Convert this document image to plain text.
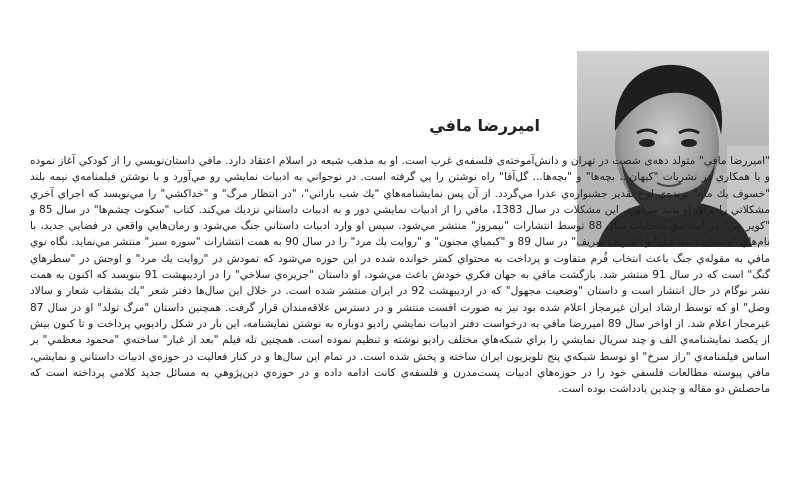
اميررضا مافي

"اميررضا مافي" متولد دهه‌ی شصت در تهران و دانش‌آموخته‌ی فلسفه‌ی غرب است. او به مذهب شیعه در اسلام اعتقاد دارد. مافي داستان‌نويسي را از كودكي آغاز نموده و با همكاري در نشريات "كيهان... بچه‌ها" و "بچه‌ها... گل‌آقا" راه نوشتن را پي گرفته است. در نوجواني به ادبيات نمايشي رو مي‌آورد و با نوشتن فيلمنامه‌ي نيمه بلند "خسوف يك ماه" برنده‌ي لوح تقدير جشنواره‌ي عذرا مي‌گردد. از آن پس نمايشنامه‌هاي "يك شب باراني"، "در انتظار مرگ" و "خداكشي" را مي‌نويسد كه اجراي آخري مشكلاتي را براي او پديد مي‌آورد. اين مشكلات در سال 1383، مافي را از ادبيات نمايشي دور و به ادبيات داستاني نزديك مي‌كند. كتاب "سكوت چشم‌ها" در سال 85 و "كوير من" در آستانه‌ي انتخابات سال 88 توسط انتشارات "نيمروز" منتشر مي‌شود. سپس او وارد ادبيات داستاني جنگ مي‌شود و رمان‌هايي واقعي در فضايي جديد، با نام‌هاي "داستان اسماعيل" و "شريف شريف" در سال 89 و "كيمياي مجنون" و "روايت يك مرد" را در سال 90 به همت انتشارات "سوره سبز" منتشر مي‌نمايد. نگاه نوي مافي به مقوله‌ي جنگ باعث انتخاب فُرم متفاوت و پرداخت به محتواي كمتر خوانده شده در اين حوزه مي‌شود كه نمودش در "روايت يك مرد" و اوجش در "سطرهاي گنگ" است كه در سال 91 منتشر شد. بازگشت مافي به جهان فكري خودش باعث مي‌شود، او داستان "جزيره‌ي سلاخي" را در ارديبهشت 91 بنويسد كه اكنون به همت نشر نوگام در حال انتشار است و داستان "وضعيت مجهول" كه در ارديبهشت 92 در ايران منتشر شده است. در خلال اين سال‌ها دفتر شعر "يك بشقاب شعار و سالاد وصل" او كه توسط ارشاد ايران غيرمجاز اعلام شده بود نيز به صورت افست منتشر و در دسترس علاقه‌مندان قرار گرفت. همچنين داستان "مرگ تولد" او در سال 87 غيرمجاز اعلام شد. از اواخر سال 89 اميررضا مافي به درخواست دفتر ادبيات نمايشي راديو دوباره به نوشتن نمايشنامه، اين بار در شكل راديويي پرداخت و تا كنون بيش از يكصد نمايشنامه‌ي الف و چند سريال نمايشي را براي شبكه‌هاي مختلف راديو نوشته و تنظيم نموده است. همچنين تله فيلم "بعد از غبار" ساخته‌ي "محمود معظمي" بر اساس فيلمنامه‌ي "راز سرخ" او توسط شبكه‌ي پنج تلويزيون ايران ساخته و پخش شده است. در تمام اين سال‌ها و در كنار فعاليت در حوزه‌ي ادبيات داستاني و نمايشي، مافي پيوسته مطالعات فلسفي خود را در حوزه‌هاي ادبيات پست‌مدرن و فلسفه‌ي كانت ادامه داده و در حوزه‌ي دين‌پژوهي به مسائل جديد كلامي پرداخته است كه ماحصلش دو مقاله و چندين يادداشت بوده است.
